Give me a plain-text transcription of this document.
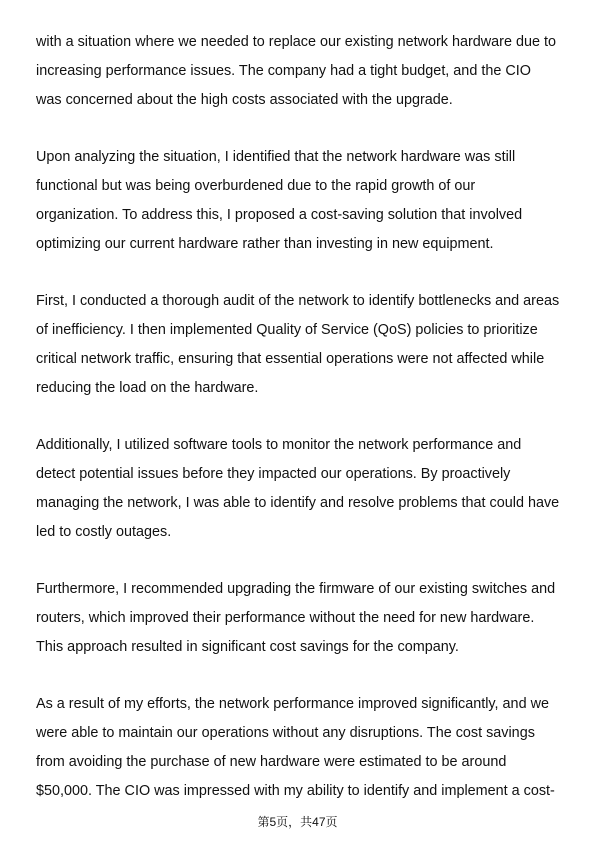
with a situation where we needed to replace our existing network hardware due to
increasing performance issues. The company had a tight budget, and the CIO
was concerned about the high costs associated with the upgrade.

Upon analyzing the situation, I identified that the network hardware was still
functional but was being overburdened due to the rapid growth of our
organization. To address this, I proposed a cost-saving solution that involved
optimizing our current hardware rather than investing in new equipment.

First, I conducted a thorough audit of the network to identify bottlenecks and areas
of inefficiency. I then implemented Quality of Service (QoS) policies to prioritize
critical network traffic, ensuring that essential operations were not affected while
reducing the load on the hardware.

Additionally, I utilized software tools to monitor the network performance and
detect potential issues before they impacted our operations. By proactively
managing the network, I was able to identify and resolve problems that could have
led to costly outages.

Furthermore, I recommended upgrading the firmware of our existing switches and
routers, which improved their performance without the need for new hardware.
This approach resulted in significant cost savings for the company.

As a result of my efforts, the network performance improved significantly, and we
were able to maintain our operations without any disruptions. The cost savings
from avoiding the purchase of new hardware were estimated to be around
$50,000. The CIO was impressed with my ability to identify and implement a cost-

第5页，共47页
